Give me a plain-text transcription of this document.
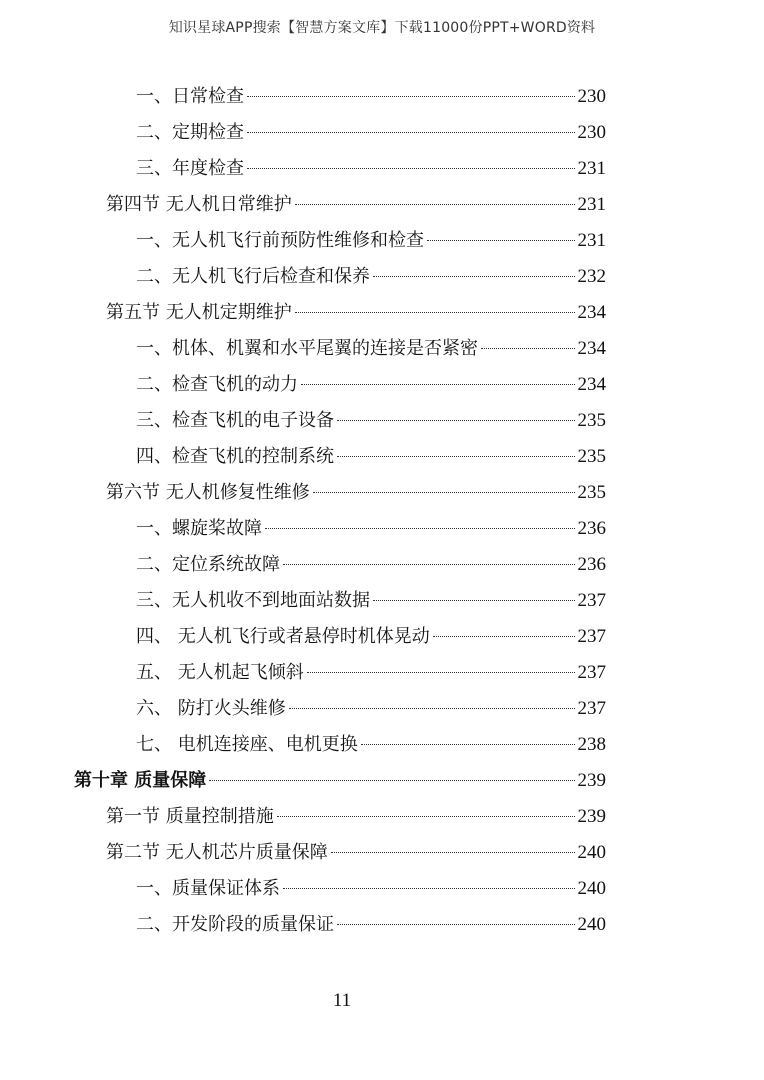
知识星球APP搜索【智慧方案文库】下载11000份PPT+WORD资料
一、日常检查	230
二、定期检查	230
三、年度检查	231
第四节 无人机日常维护	231
一、无人机飞行前预防性维修和检查	231
二、无人机飞行后检查和保养	232
第五节 无人机定期维护	234
一、机体、机翼和水平尾翼的连接是否紧密	234
二、检查飞机的动力	234
三、检查飞机的电子设备	235
四、检查飞机的控制系统	235
第六节 无人机修复性维修	235
一、螺旋桨故障	236
二、定位系统故障	236
三、无人机收不到地面站数据	237
四、 无人机飞行或者悬停时机体晃动	237
五、 无人机起飞倾斜	237
六、 防打火头维修	237
七、 电机连接座、电机更换	238
第十章 质量保障	239
第一节 质量控制措施	239
第二节 无人机芯片质量保障	240
一、质量保证体系	240
二、开发阶段的质量保证	240
11
